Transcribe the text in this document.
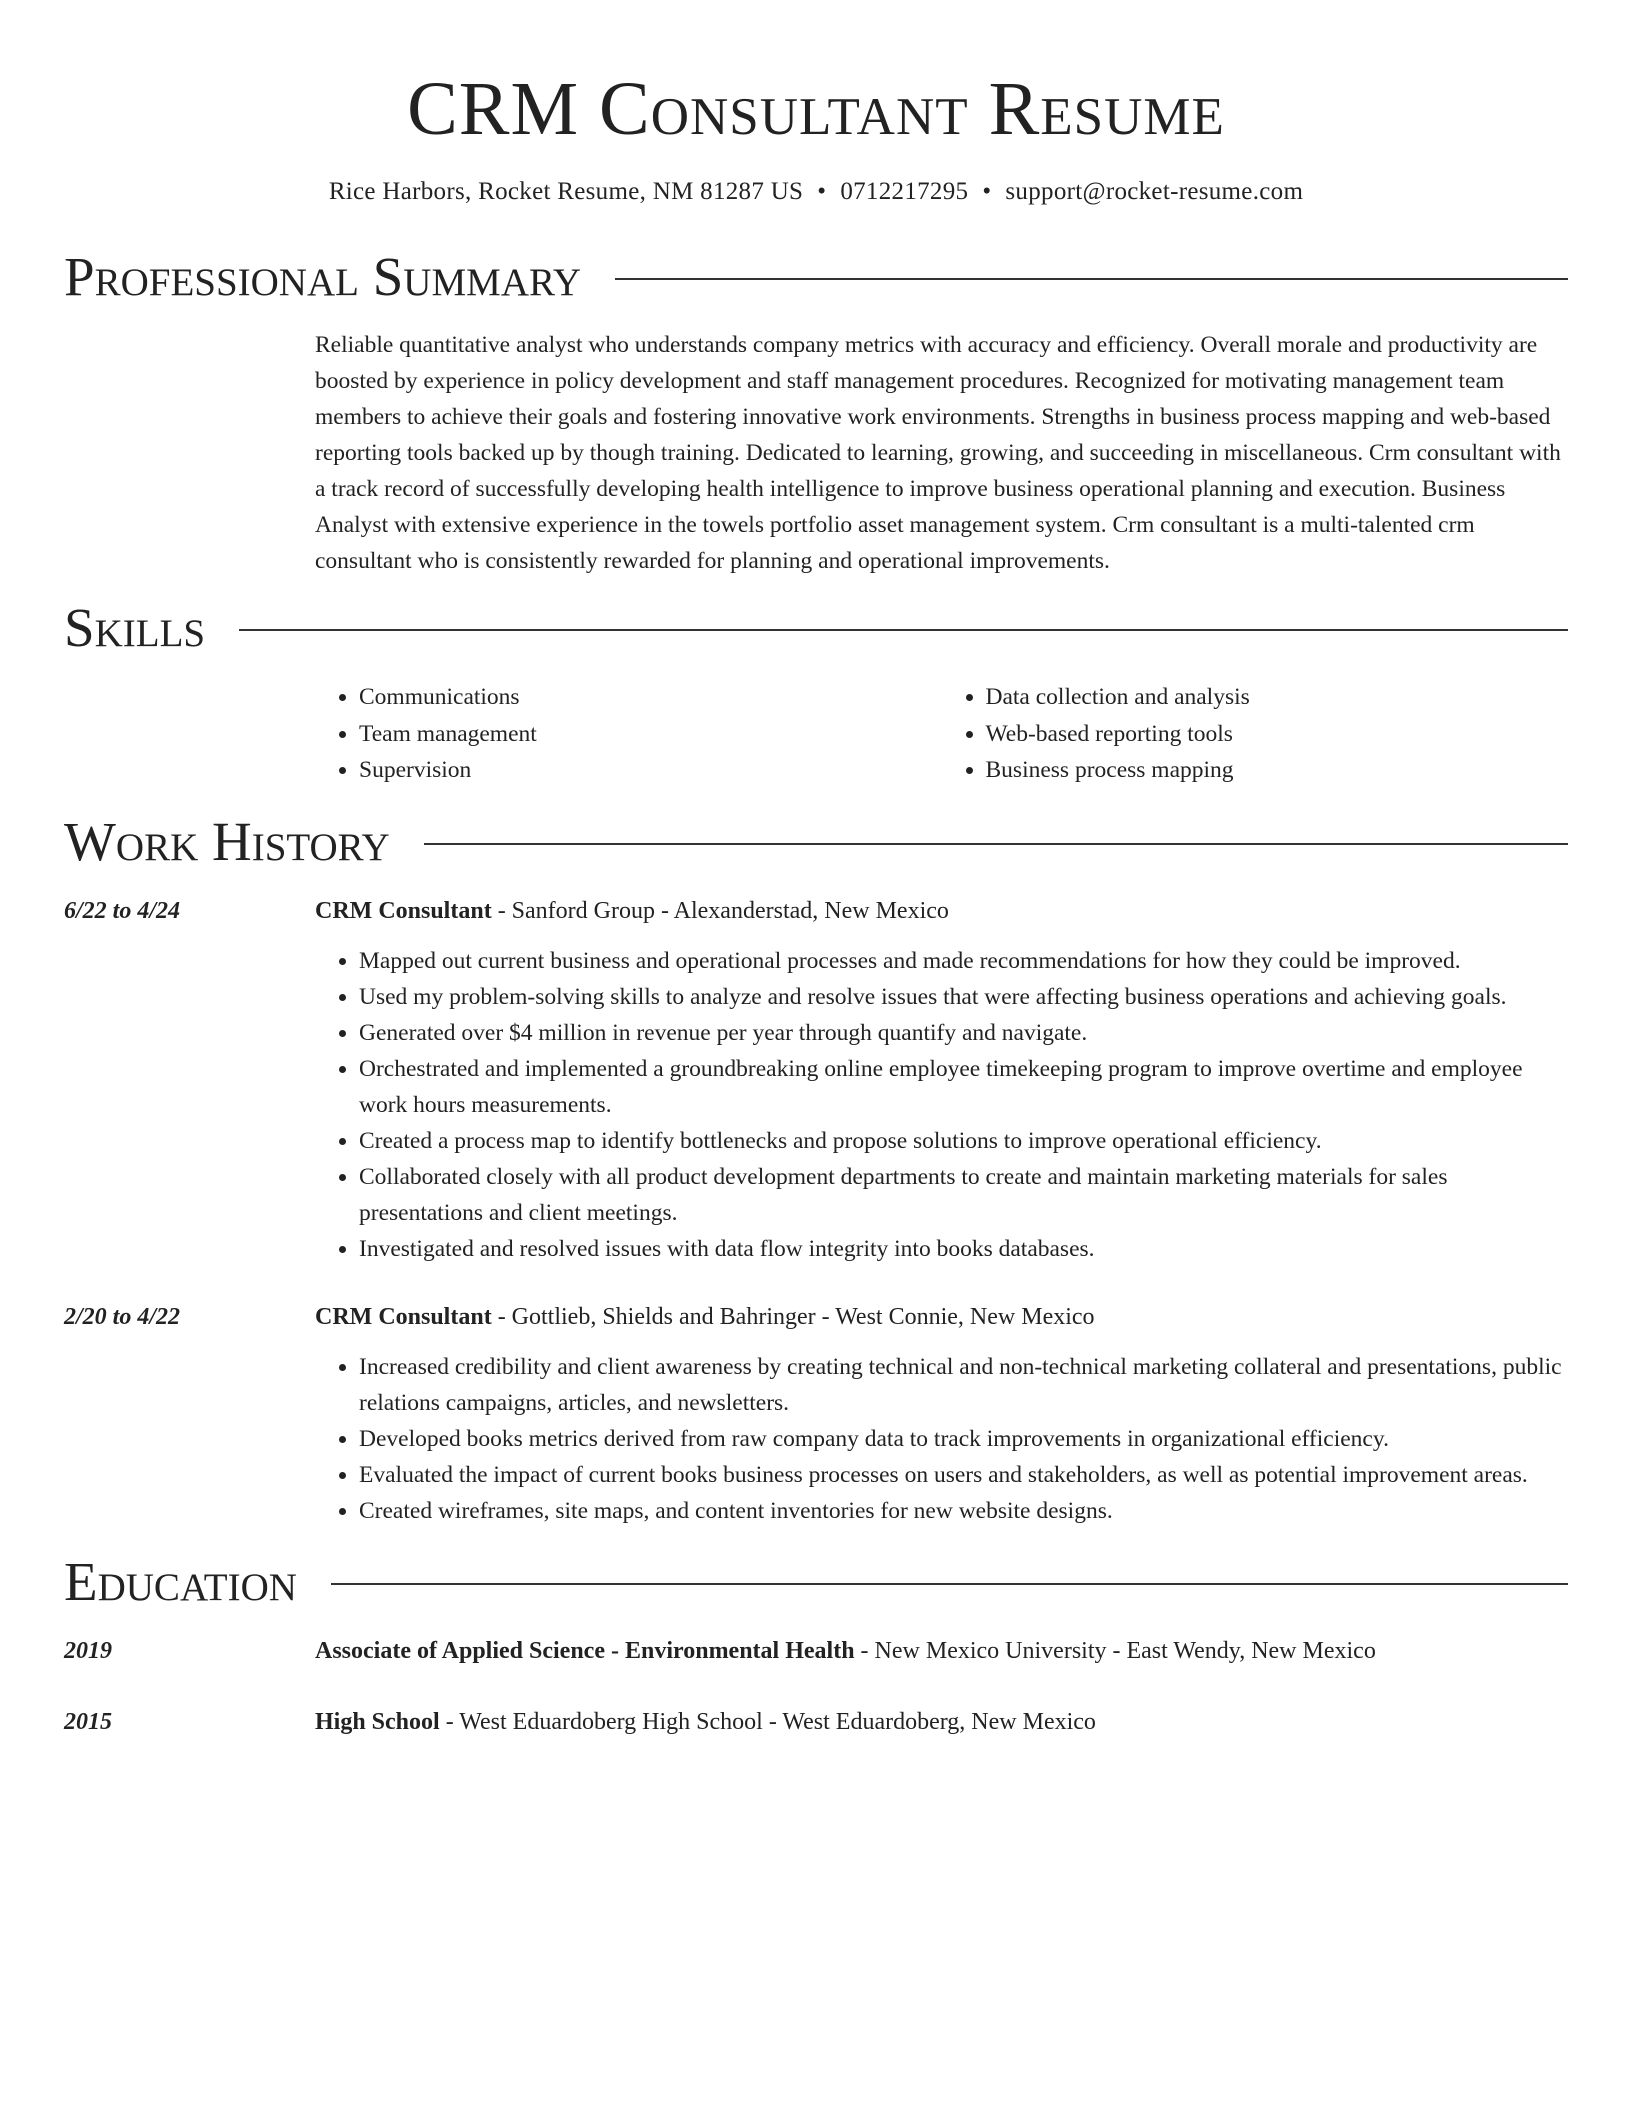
CRM Consultant Resume
Rice Harbors, Rocket Resume, NM 81287 US • 0712217295 • support@rocket-resume.com
Professional Summary

Reliable quantitative analyst who understands company metrics with accuracy and efficiency. Overall morale and productivity are boosted by experience in policy development and staff management procedures. Recognized for motivating management team members to achieve their goals and fostering innovative work environments. Strengths in business process mapping and web-based reporting tools backed up by though training. Dedicated to learning, growing, and succeeding in miscellaneous. Crm consultant with a track record of successfully developing health intelligence to improve business operational planning and execution. Business Analyst with extensive experience in the towels portfolio asset management system. Crm consultant is a multi-talented crm consultant who is consistently rewarded for planning and operational improvements.

Skills
• Communications
• Team management
• Supervision
• Data collection and analysis
• Web-based reporting tools
• Business process mapping
Work History
6/22 to 4/24	CRM Consultant - Sanford Group - Alexanderstad, New Mexico
• Mapped out current business and operational processes and made recommendations for how they could be improved.
• Used my problem-solving skills to analyze and resolve issues that were affecting business operations and achieving goals.
• Generated over $4 million in revenue per year through quantify and navigate.
• Orchestrated and implemented a groundbreaking online employee timekeeping program to improve overtime and employee work hours measurements.
• Created a process map to identify bottlenecks and propose solutions to improve operational efficiency.
• Collaborated closely with all product development departments to create and maintain marketing materials for sales presentations and client meetings.
• Investigated and resolved issues with data flow integrity into books databases.
2/20 to 4/22	CRM Consultant - Gottlieb, Shields and Bahringer - West Connie, New Mexico
• Increased credibility and client awareness by creating technical and non-technical marketing collateral and presentations, public relations campaigns, articles, and newsletters.
• Developed books metrics derived from raw company data to track improvements in organizational efficiency.
• Evaluated the impact of current books business processes on users and stakeholders, as well as potential improvement areas.
• Created wireframes, site maps, and content inventories for new website designs.
Education
2019	Associate of Applied Science - Environmental Health - New Mexico University - East Wendy, New Mexico
2015	High School - West Eduardoberg High School - West Eduardoberg, New Mexico
